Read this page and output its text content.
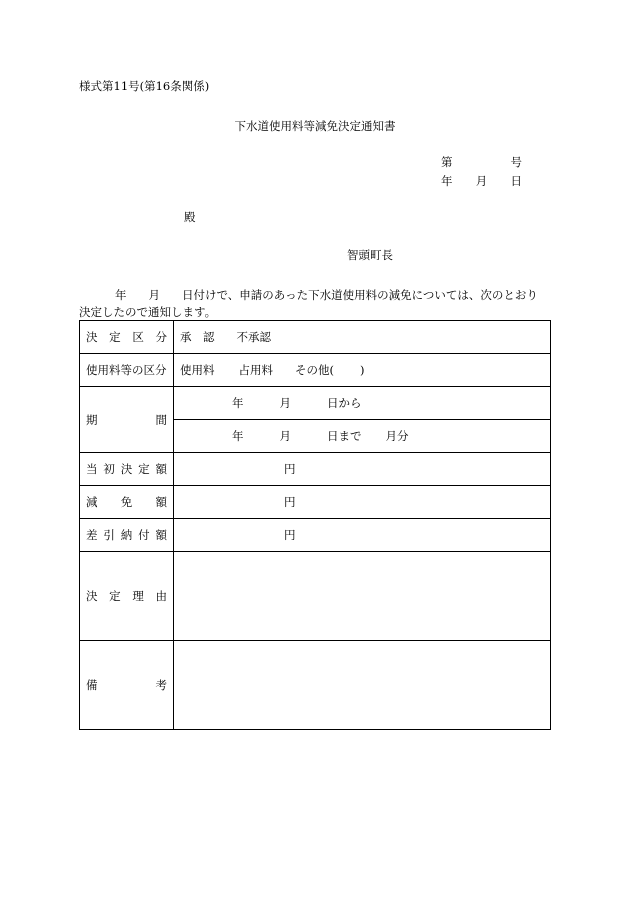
様式第11号(第16条関係)
下水道使用料等減免決定通知書
第	号
年 月 日
殿
智頭町長
年 月 日付けで、申請のあった下水道使用料の減免については、次のとおり
決定したので通知します。
決 定 区 分	承　認 不承認
使用料等の区分	使用料 占用料 その他( )

期 間	年 月 日から
	年 月 日まで 月分

当 初 決 定 額	円

減 免 額	円

差 引 納 付 額	円

決 定 理 由	

備 考	
